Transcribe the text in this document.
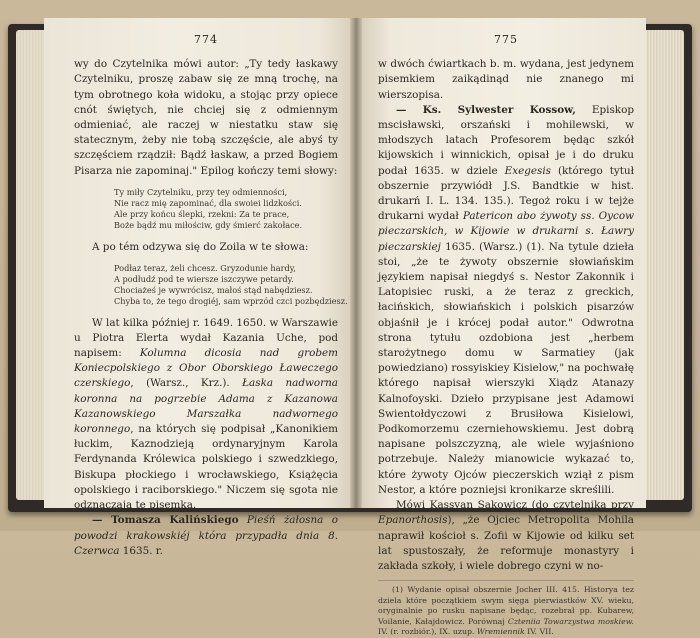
774

wy do Czytelnika mówi autor: „Ty tedy łaskawy Czytelniku, proszę zabaw się ze mną trochę, na tym obrotnego koła widoku, a stojąc przy opiece cnót świętych, nie chciej się z odmiennym odmieniać, ale raczej w niestatku staw się statecznym, żeby nie tobą szczęście, ale abyś ty szczęściem rządził: Bądź łaskaw, a przed Bogiem Pisarza nie zapominaj." Epilog kończy temi słowy:

Ty miły Czytelniku, przy tey odmienności,
Nie racz mię zapominać, dla swoiei lidzkości.
Ale przy końcu ślepki, rzekni: Za te prace,
Boże bądź mu miłościw, gdy śmierć zakołace.

A po tém odzywa się do Zoila w te słowa:

Podłaz teraz, żeli chcesz. Gryzodunie hardy,
A podłudź pod te wiersze iszczywe petardy.
Chociażeś je wywrócisz, małoś stąd nabędziesz.
Chyba to, że tego drogiéj, sam wprzód czci pozbędziesz.

W lat kilka później r. 1649. 1650. w Warszawie u Piotra Elerta wydał Kazania Uche, pod napisem: Kolumna dicosia nad grobem Koniecpolskiego z Obor Oborskiego Ławeczego czerskiego, (Warsz., Krz.). Łaska nadworna koronna na pogrzebie Adama z Kazanowa Kazanowskiego Marszałka nadwornego koronnego, na których się podpisał „Kanonikiem łuckim, Kaznodzieją ordynaryjnym Karola Ferdynanda Królewica polskiego i szwedzkiego, Biskupa płockiego i wrocławskiego, Książęcia opolskiego i raciborskiego." Niczem się sgota nie odznaczają te pisemka.

— Tomasza Kalińskiego Pieśń żałosna o powodzi krakowskiéj która przypadła dnia 8. Czerwca 1635. r.

775

w dwóch ćwiartkach b. m. wydana, jest jedynem pisemkiem zaikądinąd nie znanego mi wierszopisa.

— Ks. Sylwester Kossow, Episkop mscisławski, orszański i mohilewski, w młodszych latach Profesorem będąc szkół kijowskich i winnickich, opisał je i do druku podał 1635. w dziele Exegesis (którego tytuł obszernie przywiódł J.S. Bandtkie w hist. drukarń I. L. 134. 135.). Tegoż roku i w tejże drukarni wydał Patericon abo żywoty ss. Oycow pieczarskich, w Kijowie w drukarni s. Ławry pieczarskiej 1635. (Warsz.) (1). Na tytule dzieła stoi, „że te żywoty obszernie słowiańskim językiem napisał niegdyś s. Nestor Zakonnik i Latopisiec ruski, a że teraz z greckich, łacińskich, słowiańskich i polskich pisarzów objaśnił je i krócej podał autor." Odwrotna strona tytułu ozdobiona jest „herbem starożytnego domu w Sarmatiey (jak powiedziano) rossyiskiey Kisielow," na pochwałę którego napisał wierszyki Xiądz Atanazy Kalnofoyski. Dzieło przypisane jest Adamowi Swientołdyczowi z Brusiłowa Kisielowi, Podkomorzemu czerniehowskiemu. Jest dobrą napisane polszczyzną, ale wiele wyjaśniono potrzebuje. Należy mianowicie wykazać to, które żywoty Ojców pieczerskich wziął z pism Nestor, a które pozniejsi kronikarze skreślili.

Mówi Kassyan Sakowicz (do czytelnika przy Epanorthosis), „że Ojciec Metropolita Mohila naprawił kościoł s. Zofii w Kijowie od kilku set lat spustoszały, że reformuje monastyry i zakłada szkoły, i wiele dobrego czyni w no-

(1) Wydanie opisał obszernie Jocher III. 415. Historya tez dziela które początkiem swym sięga pierwiastków XV. wieku, oryginalnie po rusku napisane będąc, rozebrał pp. Kubarew, Voilanie, Kałajdowicz. Porównaj Czteniia Towarzystwa moskiew. IV. (r. rozbiór.), IX. uzup. Wremiennik IV. VII.
